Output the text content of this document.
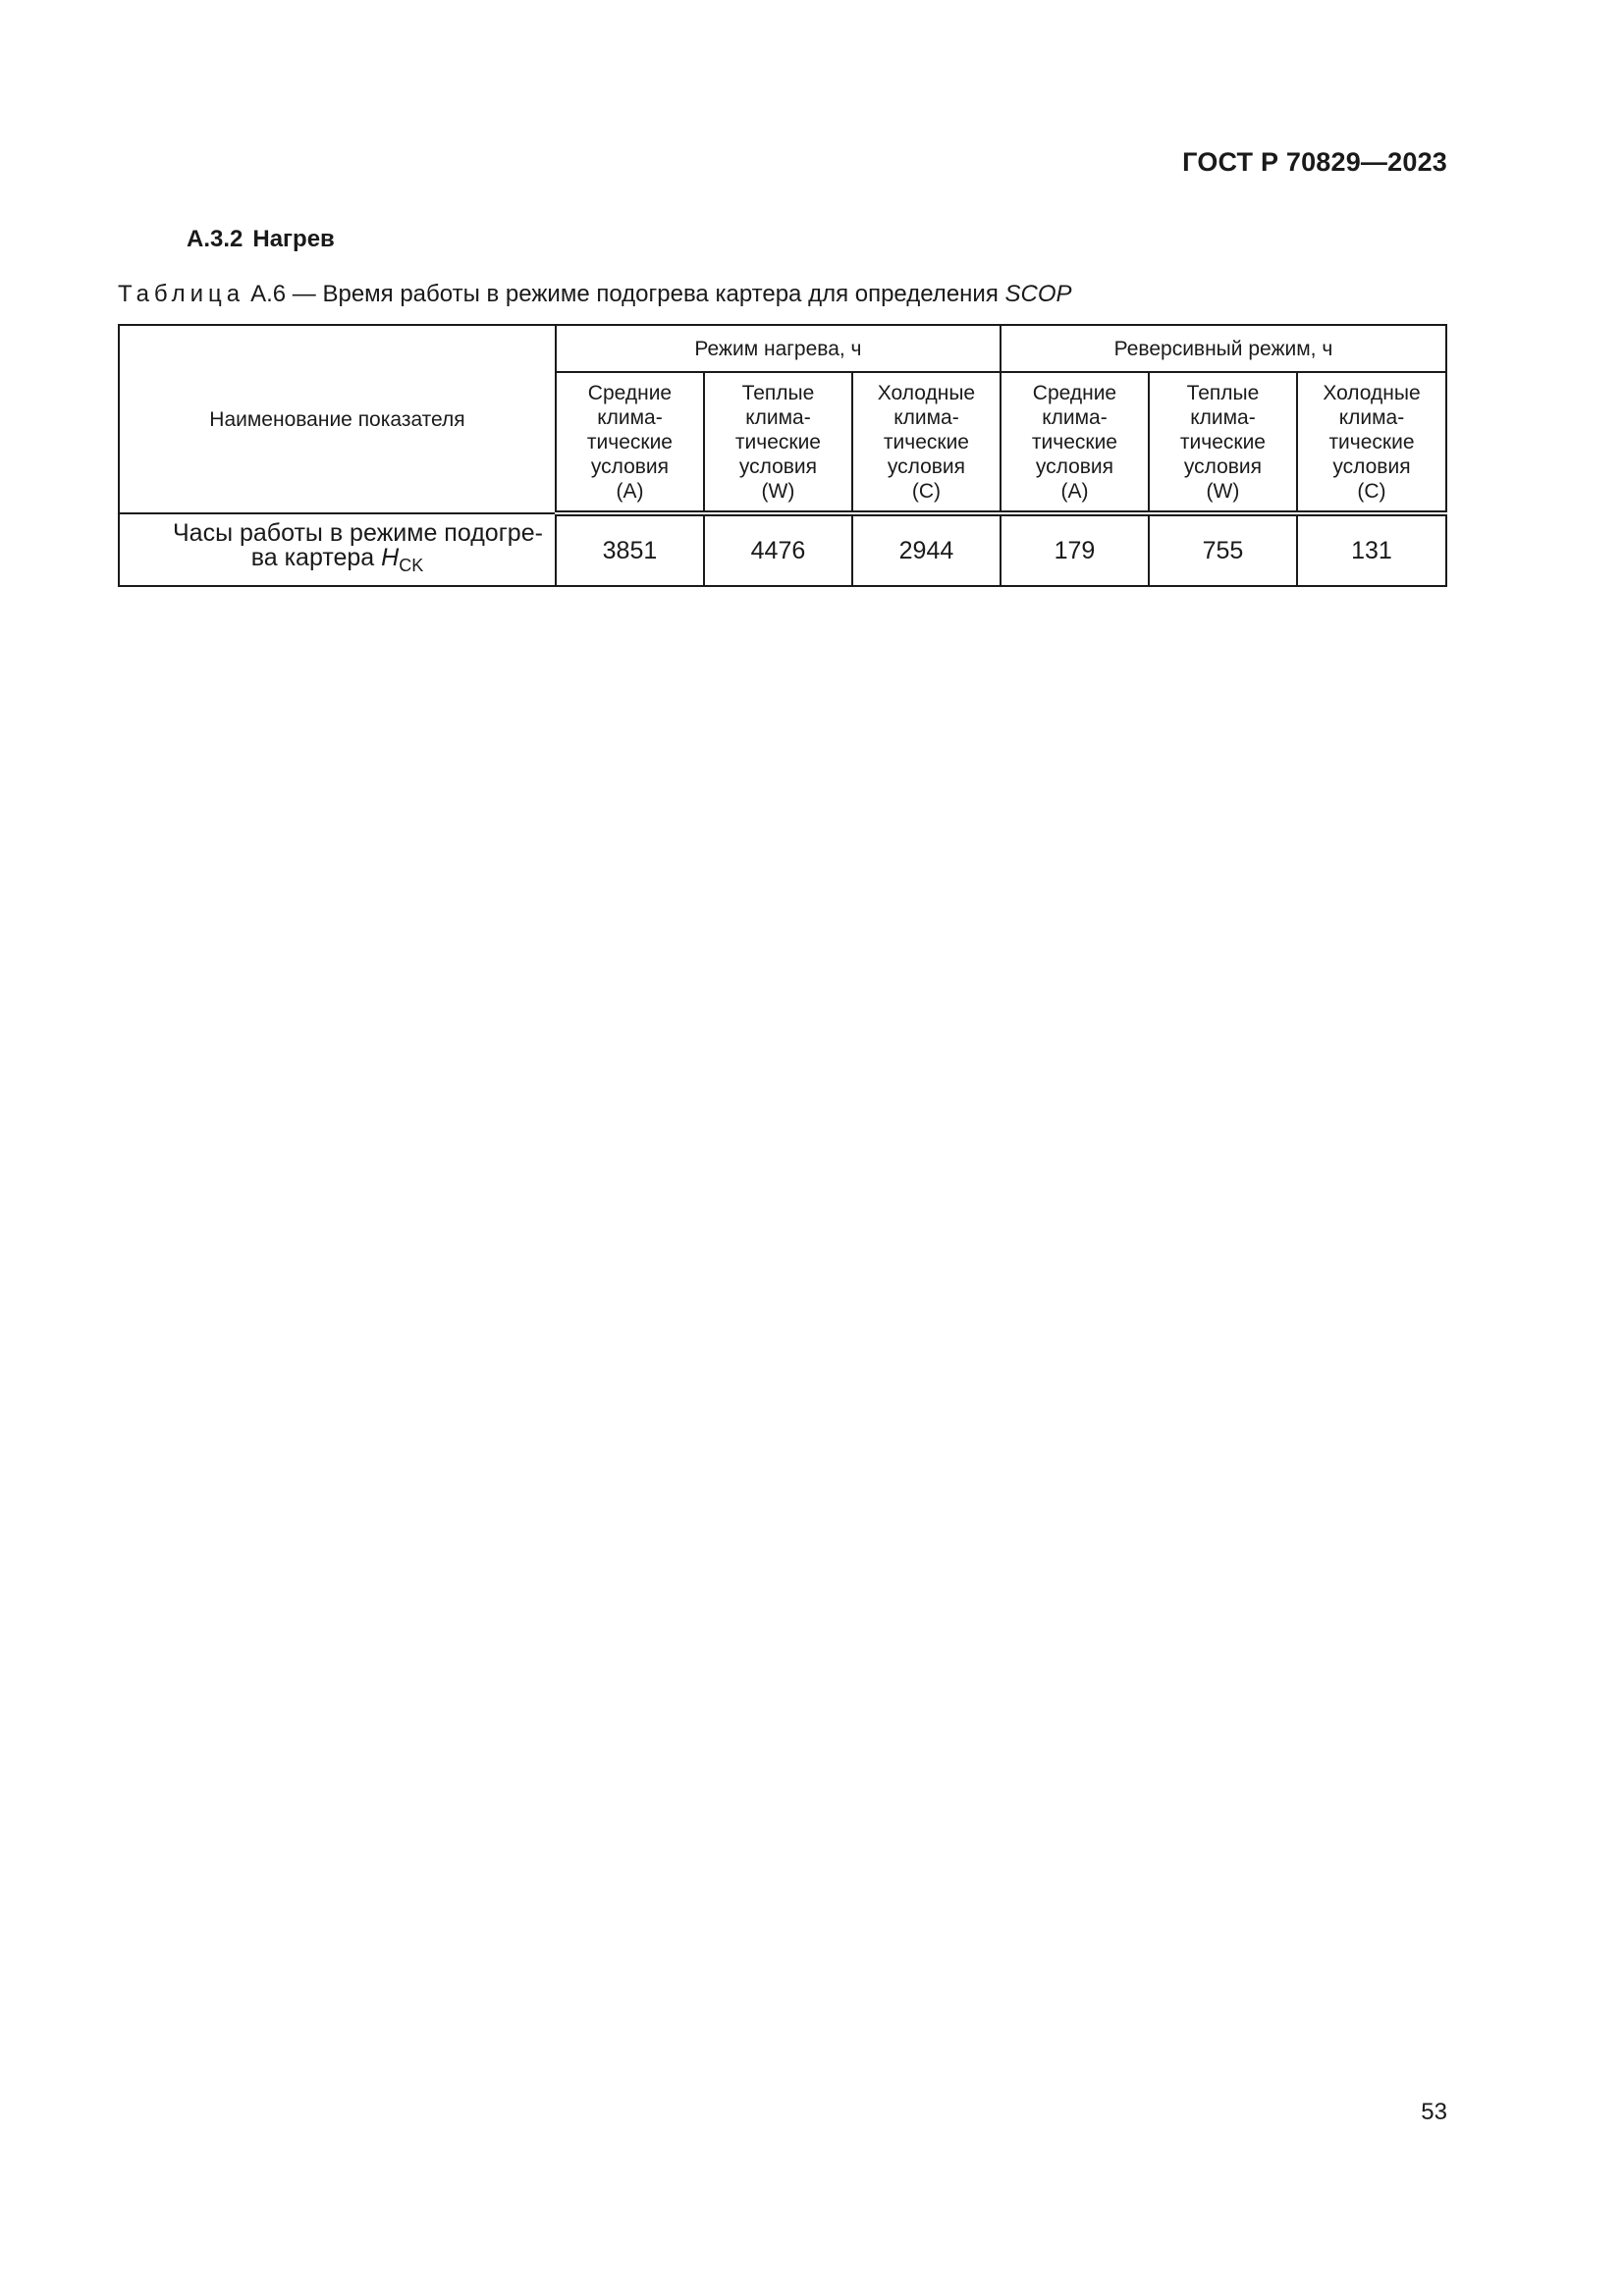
ГОСТ Р 70829—2023
А.3.2 Нагрев
Таблица А.6 — Время работы в режиме подогрева картера для определения SCOP
Наименование показателя	Режим нагрева, ч			Реверсивный режим, ч		
	Средние
клима-
тические
условия
(А)	Теплые
клима-
тические
условия
(W)	Холодные
клима-
тические
условия
(С)	Средние
клима-
тические
условия
(А)	Теплые
клима-
тические
условия
(W)	Холодные
клима-
тические
условия
(С)
Часы работы в режиме подогре-
ва картера $H_{CK}$	3851	4476	2944	179	755	131
53
